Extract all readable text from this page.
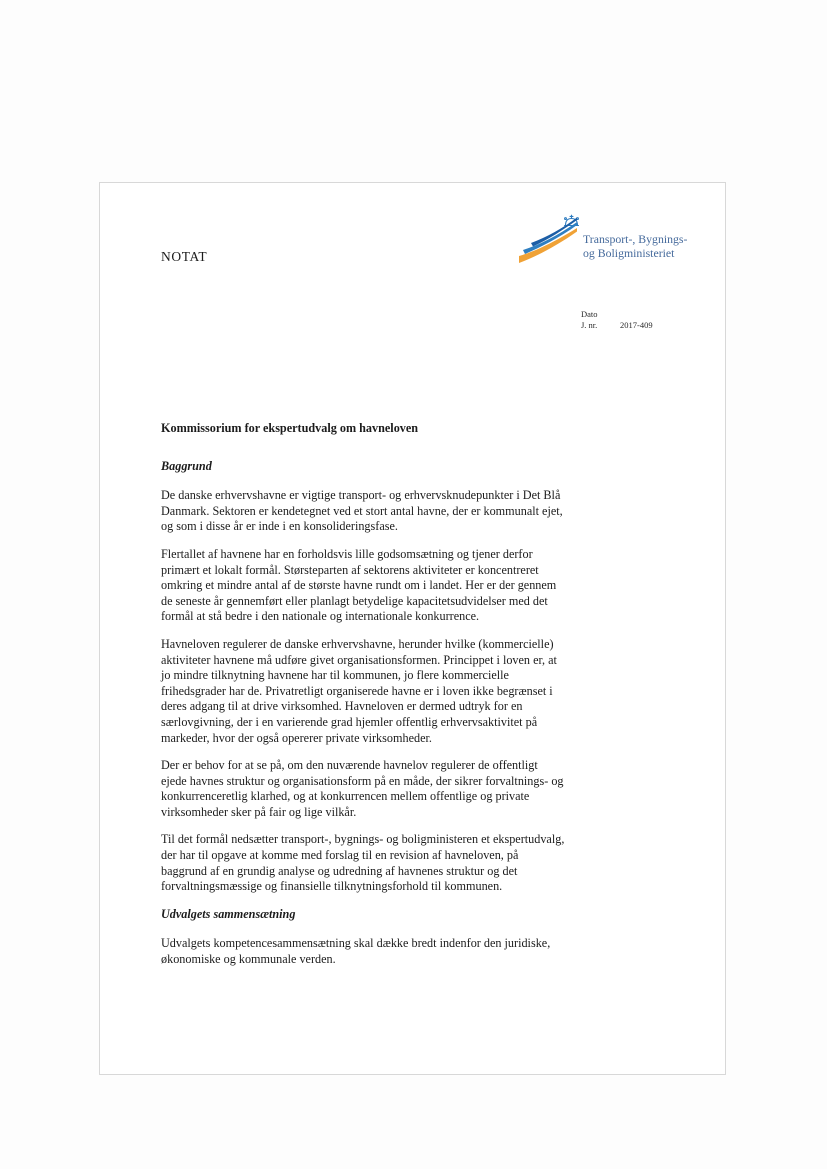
NOTAT
Transport-, Bygnings-
og Boligministeriet
Dato
J. nr.	2017-409
Kommissorium for ekspertudvalg om havneloven
Baggrund

De danske erhvervshavne er vigtige transport- og erhvervsknudepunkter i Det Blå Danmark. Sektoren er kendetegnet ved et stort antal havne, der er kommunalt ejet, og som i disse år er inde i en konsolideringsfase.

Flertallet af havnene har en forholdsvis lille godsomsætning og tjener derfor primært et lokalt formål. Størsteparten af sektorens aktiviteter er koncentreret omkring et mindre antal af de største havne rundt om i landet. Her er der gennem de seneste år gennemført eller planlagt betydelige kapacitetsudvidelser med det formål at stå bedre i den nationale og internationale konkurrence.

Havneloven regulerer de danske erhvervshavne, herunder hvilke (kommercielle) aktiviteter havnene må udføre givet organisationsformen. Princippet i loven er, at jo mindre tilknytning havnene har til kommunen, jo flere kommercielle frihedsgrader har de. Privatretligt organiserede havne er i loven ikke begrænset i deres adgang til at drive virksomhed. Havneloven er dermed udtryk for en særlovgivning, der i en varierende grad hjemler offentlig erhvervsaktivitet på markeder, hvor der også opererer private virksomheder.

Der er behov for at se på, om den nuværende havnelov regulerer de offentligt ejede havnes struktur og organisationsform på en måde, der sikrer forvaltnings- og konkurrenceretlig klarhed, og at konkurrencen mellem offentlige og private virksomheder sker på fair og lige vilkår.

Til det formål nedsætter transport-, bygnings- og boligministeren et ekspertudvalg, der har til opgave at komme med forslag til en revision af havneloven, på baggrund af en grundig analyse og udredning af havnenes struktur og det forvaltningsmæssige og finansielle tilknytningsforhold til kommunen.

Udvalgets sammensætning

Udvalgets kompetencesammensætning skal dække bredt indenfor den juridiske, økonomiske og kommunale verden.
